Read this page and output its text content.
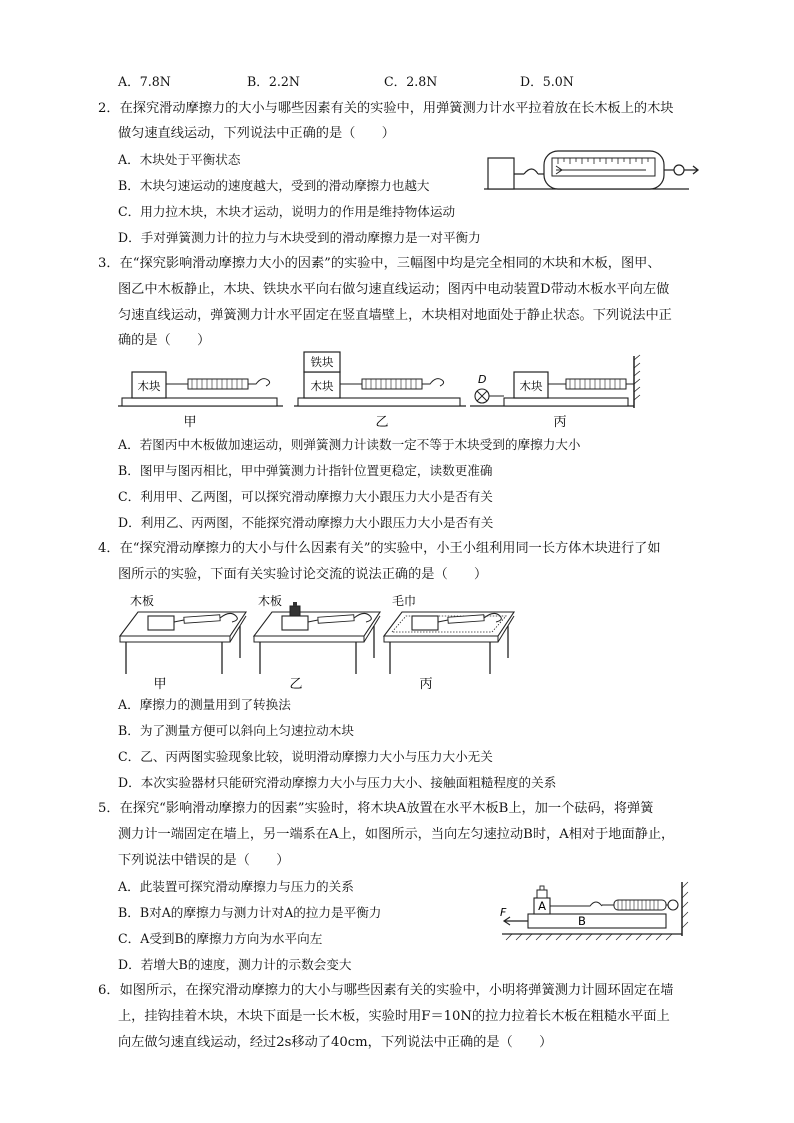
A．7.8N	B．2.2N	C．2.8N	D．5.0N
2．在探究滑动摩擦力的大小与哪些因素有关的实验中，用弹簧测力计水平拉着放在长木板上的木块
做匀速直线运动，下列说法中正确的是（　　）
A．木块处于平衡状态
B．木块匀速运动的速度越大，受到的滑动摩擦力也越大
C．用力拉木块，木块才运动，说明力的作用是维持物体运动
D．手对弹簧测力计的拉力与木块受到的滑动摩擦力是一对平衡力
3．在“探究影响滑动摩擦力大小的因素”的实验中，三幅图中均是完全相同的木块和木板，图甲、
图乙中木板静止，木块、铁块水平向右做匀速直线运动；图丙中电动装置D带动木板水平向左做
匀速直线运动，弹簧测力计水平固定在竖直墙壁上，木块相对地面处于静止状态。下列说法中正
确的是（　　）
木块
铁块
木块	D	木块
甲	乙	丙
A．若图丙中木板做加速运动，则弹簧测力计读数一定不等于木块受到的摩擦力大小
B．图甲与图丙相比，甲中弹簧测力计指针位置更稳定，读数更准确
C．利用甲、乙两图，可以探究滑动摩擦力大小跟压力大小是否有关
D．利用乙、丙两图，不能探究滑动摩擦力大小跟压力大小是否有关
4．在“探究滑动摩擦力的大小与什么因素有关”的实验中，小王小组利用同一长方体木块进行了如
图所示的实验，下面有关实验讨论交流的说法正确的是（　　）
木板	木板	毛巾
甲	乙	丙
A．摩擦力的测量用到了转换法
B．为了测量方便可以斜向上匀速拉动木块
C．乙、丙两图实验现象比较，说明滑动摩擦力大小与压力大小无关
D．本次实验器材只能研究滑动摩擦力大小与压力大小、接触面粗糙程度的关系
5．在探究“影响滑动摩擦力的因素”实验时，将木块A放置在水平木板B上，加一个砝码，将弹簧
测力计一端固定在墙上，另一端系在A上，如图所示，当向左匀速拉动B时，A相对于地面静止，
下列说法中错误的是（　　）
A．此装置可探究滑动摩擦力与压力的关系
B．B对A的摩擦力与测力计对A的拉力是平衡力
C．A受到B的摩擦力方向为水平向左
D．若增大B的速度，测力计的示数会变大
B
A
F
6．如图所示，在探究滑动摩擦力的大小与哪些因素有关的实验中，小明将弹簧测力计圆环固定在墙
上，挂钩挂着木块，木块下面是一长木板，实验时用F＝10N的拉力拉着长木板在粗糙水平面上
向左做匀速直线运动，经过2s移动了40cm，下列说法中正确的是（　　）
